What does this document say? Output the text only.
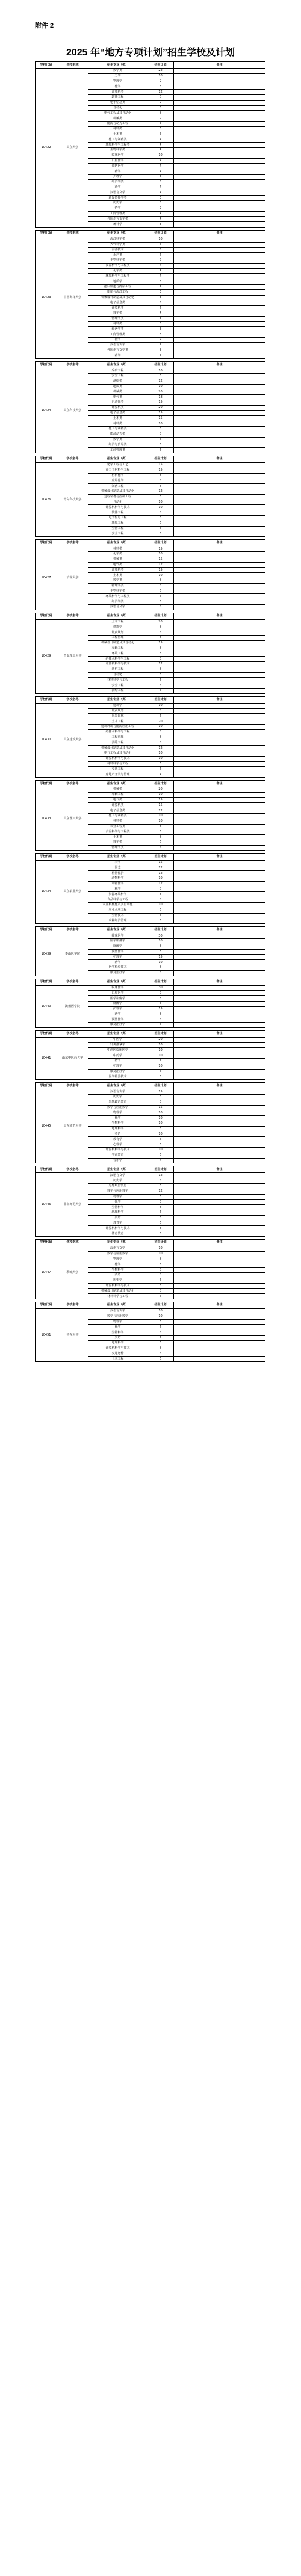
附件 2
2025 年“地方专项计划”招生学校及计划
学校代码	学校名称	招生专业（类）	招生计划	备注
10422	山东大学	数学类	22	
		力学	10	
		物理学	9	
		化学	8	
		计算机类	12	
		软件工程	8	
		电子信息类	9	
		自动化	6	
		电气工程及其自动化	8	
		机械类	9	
		能源与动力工程	5	
		材料类	6	
		土木类	5	
		化工与制药类	4	
		环境科学与工程类	4	
		生物科学类	4	
		临床医学	10	
		口腔医学	4	
		预防医学	4	
		药学	4	
		护理学	3	
		经济学类	5	
		法学	4	
		汉语言文学	4	
		新闻传播学类	3	
		历史学	3	
		哲学	2	
		工商管理类	4	
		外国语言文学类	4	
		统计学	3	
学校代码	学校名称	招生专业（类）	招生计划	备注
10423	中国海洋大学	海洋科学类	10	
		大气科学类	6	
		海洋技术	5	
		水产类	6	
		生物科学类	5	
		食品科学与工程类	4	
		化学类	4	
		环境科学与工程类	4	
		地质学	3	
		港口航道与海岸工程	3	
		船舶与海洋工程	3	
		机械设计制造及其自动化	3	
		电子信息类	5	
		计算机类	6	
		数学类	4	
		物理学类	3	
		材料类	3	
		经济学类	3	
		工商管理类	3	
		法学	2	
		汉语言文学	2	
		外国语言文学类	3	
		药学	2	
学校代码	学校名称	招生专业（类）	招生计划	备注
10424	山东科技大学	采矿工程	10	
		安全工程	8	
		测绘类	12	
		地质类	10	
		机械类	20	
		电气类	18	
		自动化类	15	
		计算机类	20	
		电子信息类	15	
		土木类	15	
		材料类	10	
		化工与制药类	8	
		能源动力类	8	
		数学类	6	
		经济与贸易类	6	
		工商管理类	6	
学校代码	学校名称	招生专业（类）	招生计划	备注
10426	青岛科技大学	化学工程与工艺	15	
		高分子材料与工程	15	
		材料化学	8	
		应用化学	8	
		制药工程	8	
		机械设计制造及其自动化	12	
		过程装备与控制工程	8	
		自动化	10	
		计算机科学与技术	10	
		软件工程	8	
		电子信息工程	8	
		环境工程	6	
		生物工程	6	
		安全工程	6	
学校代码	学校名称	招生专业（类）	招生计划	备注
10427	济南大学	材料类	15	
		化学类	10	
		机械类	15	
		电气类	12	
		计算机类	15	
		土木类	10	
		数学类	8	
		物理学类	6	
		生物科学类	6	
		环境科学与工程类	6	
		经济学类	6	
		汉语言文学	5	
学校代码	学校名称	招生专业（类）	招生计划	备注
10429	青岛理工大学	土木工程	20	
		建筑学	8	
		城乡规划	6	
		工程管理	8	
		机械设计制造及其自动化	15	
		车辆工程	8	
		环境工程	8	
		给排水科学与工程	8	
		计算机科学与技术	12	
		通信工程	8	
		自动化	8	
		材料科学与工程	6	
		安全工程	6	
		测绘工程	6	
学校代码	学校名称	招生专业（类）	招生计划	备注
10430	山东建筑大学	建筑学	10	
		城乡规划	8	
		风景园林	6	
		土木工程	20	
		建筑环境与能源应用工程	10	
		给排水科学与工程	8	
		工程管理	8	
		测绘工程	8	
		机械设计制造及其自动化	12	
		电气工程及其自动化	10	
		计算机科学与技术	10	
		材料科学与工程	6	
		交通工程	6	
		房地产开发与管理	4	
学校代码	学校名称	招生专业（类）	招生计划	备注
10433	山东理工大学	机械类	20	
		车辆工程	10	
		电气类	15	
		计算机类	15	
		电子信息类	12	
		化工与制药类	10	
		材料类	10	
		农业工程类	8	
		食品科学与工程类	6	
		土木类	8	
		数学类	6	
		物理学类	4	
学校代码	学校名称	招生专业（类）	招生计划	备注
10434	山东农业大学	农学	15	
		园艺	12	
		植物保护	12	
		动物科学	10	
		动物医学	12	
		林学	8	
		资源环境科学	8	
		食品科学与工程	8	
		农业机械化及其自动化	10	
		农业水利工程	6	
		生物技术	6	
		农林经济管理	6	
学校代码	学校名称	招生专业（类）	招生计划	备注
10439	泰山医学院	临床医学	30	
		医学影像学	10	
		麻醉学	8	
		预防医学	8	
		护理学	15	
		药学	10	
		医学检验技术	8	
		康复治疗学	6	
学校代码	学校名称	招生专业（类）	招生计划	备注
10440	滨州医学院	临床医学	30	
		口腔医学	8	
		医学影像学	8	
		麻醉学	6	
		护理学	15	
		药学	8	
		预防医学	6	
		康复治疗学	6	
学校代码	学校名称	招生专业（类）	招生计划	备注
10441	山东中医药大学	中医学	20	
		针灸推拿学	10	
		中西医临床医学	10	
		中药学	10	
		药学	8	
		护理学	10	
		康复治疗学	6	
		医学检验技术	6	
学校代码	学校名称	招生专业（类）	招生计划	备注
10445	山东师范大学	汉语言文学	15	
		历史学	8	
		思想政治教育	8	
		数学与应用数学	15	
		物理学	10	
		化学	10	
		生物科学	10	
		地理科学	8	
		英语	10	
		教育学	6	
		心理学	6	
		计算机科学与技术	10	
		学前教育	6	
		音乐学	4	
学校代码	学校名称	招生专业（类）	招生计划	备注
10446	曲阜师范大学	汉语言文学	12	
		历史学	8	
		思想政治教育	8	
		数学与应用数学	12	
		物理学	8	
		化学	8	
		生物科学	8	
		地理科学	6	
		英语	8	
		教育学	6	
		计算机科学与技术	8	
		体育教育	6	
学校代码	学校名称	招生专业（类）	招生计划	备注
10447	聊城大学	汉语言文学	10	
		数学与应用数学	10	
		物理学	8	
		化学	8	
		生物科学	8	
		英语	8	
		历史学	6	
		计算机科学与技术	8	
		机械设计制造及其自动化	8	
		材料科学与工程	6	
学校代码	学校名称	招生专业（类）	招生计划	备注
10451	鲁东大学	汉语言文学	10	
		数学与应用数学	10	
		物理学	6	
		化学	6	
		生物科学	6	
		英语	8	
		地理科学	6	
		计算机科学与技术	8	
		交通运输	6	
		土木工程	6	
